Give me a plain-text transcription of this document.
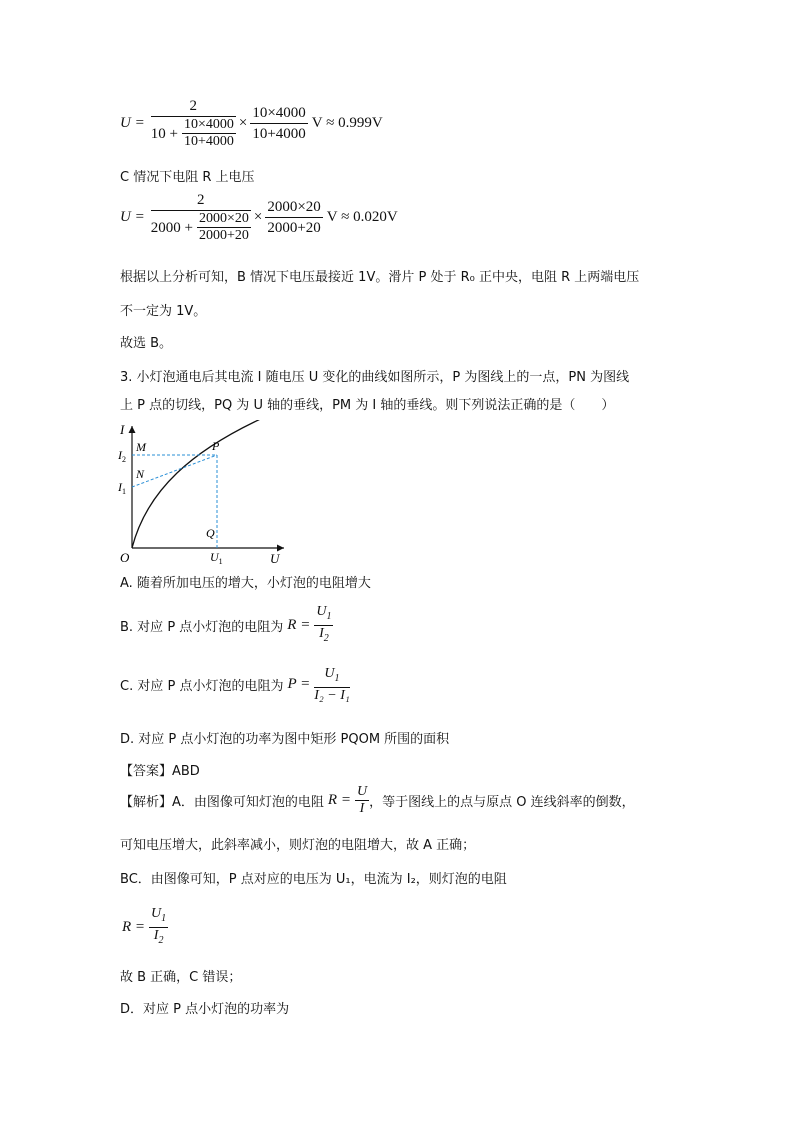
$U = \frac{2}{10 + \frac{10\times 4000}{10+4000}} \times \frac{10\times 4000}{10+4000}$ V ≈ 0.999V
C 情况下电阻 R 上电压
$U = \frac{2}{2000 + \frac{2000\times 20}{2000+20}} \times \frac{2000\times 20}{2000+20}$ V ≈ 0.020V
根据以上分析可知，B 情况下电压最接近 1V。滑片 P 处于 R₀ 正中央，电阻 R 上两端电压
不一定为 1V。
故选 B。
3. 小灯泡通电后其电流 I 随电压 U 变化的曲线如图所示，P 为图线上的一点，PN 为图线
上 P 点的切线，PQ 为 U 轴的垂线，PM 为 I 轴的垂线。则下列说法正确的是（　　）
I
U
O
M	P
N
Q
$I_2$
$I_1$
$U_1$
A. 随着所加电压的增大，小灯泡的电阻增大
B. 对应 P 点小灯泡的电阻为 $R = \frac{U_1}{I_2}$
C. 对应 P 点小灯泡的电阻为 $P = \frac{U_1}{\text{I₂ − I₁}}$
D. 对应 P 点小灯泡的功率为图中矩形 PQOM 所围的面积
【答案】ABD
【解析】A．由图像可知灯泡的电阻 $R = \frac{U}{I}$ ，等于图线上的点与原点 O 连线斜率的倒数，
可知电压增大，此斜率减小，则灯泡的电阻增大，故 A 正确；
BC．由图像可知，P 点对应的电压为 U₁，电流为 I₂，则灯泡的电阻
$R = \frac{U_1}{I_2}$
故 B 正确，C 错误；
D．对应 P 点小灯泡的功率为
